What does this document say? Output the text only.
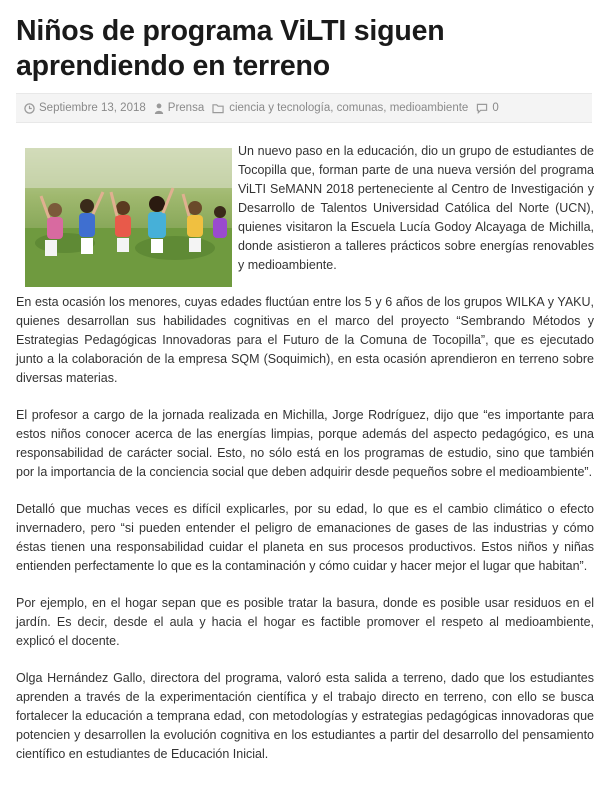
Niños de programa ViLTI siguen aprendiendo en terreno
Septiembre 13, 2018 Prensa ciencia y tecnología , comunas , medioambiente 0

Un nuevo paso en la educación, dio un grupo de estudiantes de Tocopilla que, forman parte de una nueva versión del programa ViLTI SeMANN 2018 perteneciente al Centro de Investigación y Desarrollo de Talentos Universidad Católica del Norte (UCN), quienes visitaron la Escuela Lucía Godoy Alcayaga de Michilla, donde asistieron a talleres prácticos sobre energías renovables y medioambiente.

En esta ocasión los menores, cuyas edades fluctúan entre los 5 y 6 años de los grupos WILKA y YAKU, quienes desarrollan sus habilidades cognitivas en el marco del proyecto “Sembrando Métodos y Estrategias Pedagógicas Innovadoras para el Futuro de la Comuna de Tocopilla”, que es ejecutado junto a la colaboración de la empresa SQM (Soquimich), en esta ocasión aprendieron en terreno sobre diversas materias.

El profesor a cargo de la jornada realizada en Michilla, Jorge Rodríguez, dijo que “es importante para estos niños conocer acerca de las energías limpias, porque además del aspecto pedagógico, es una responsabilidad de carácter social. Esto, no sólo está en los programas de estudio, sino que también por la importancia de la conciencia social que deben adquirir desde pequeños sobre el medioambiente”.

Detalló que muchas veces es difícil explicarles, por su edad, lo que es el cambio climático o efecto invernadero, pero “si pueden entender el peligro de emanaciones de gases de las industrias y cómo éstas tienen una responsabilidad cuidar el planeta en sus procesos productivos. Estos niños y niñas entienden perfectamente lo que es la contaminación y cómo cuidar y hacer mejor el lugar que habitan”.

Por ejemplo, en el hogar sepan que es posible tratar la basura, donde es posible usar residuos en el jardín. Es decir, desde el aula y hacia el hogar es factible promover el respeto al medioambiente, explicó el docente.

Olga Hernández Gallo, directora del programa, valoró esta salida a terreno, dado que los estudiantes aprenden a través de la experimentación científica y el trabajo directo en terreno, con ello se busca fortalecer la educación a temprana edad, con metodologías y estrategias pedagógicas innovadoras que potencien y desarrollen la evolución cognitiva en los estudiantes a partir del desarrollo del pensamiento científico en estudiantes de Educación Inicial.
